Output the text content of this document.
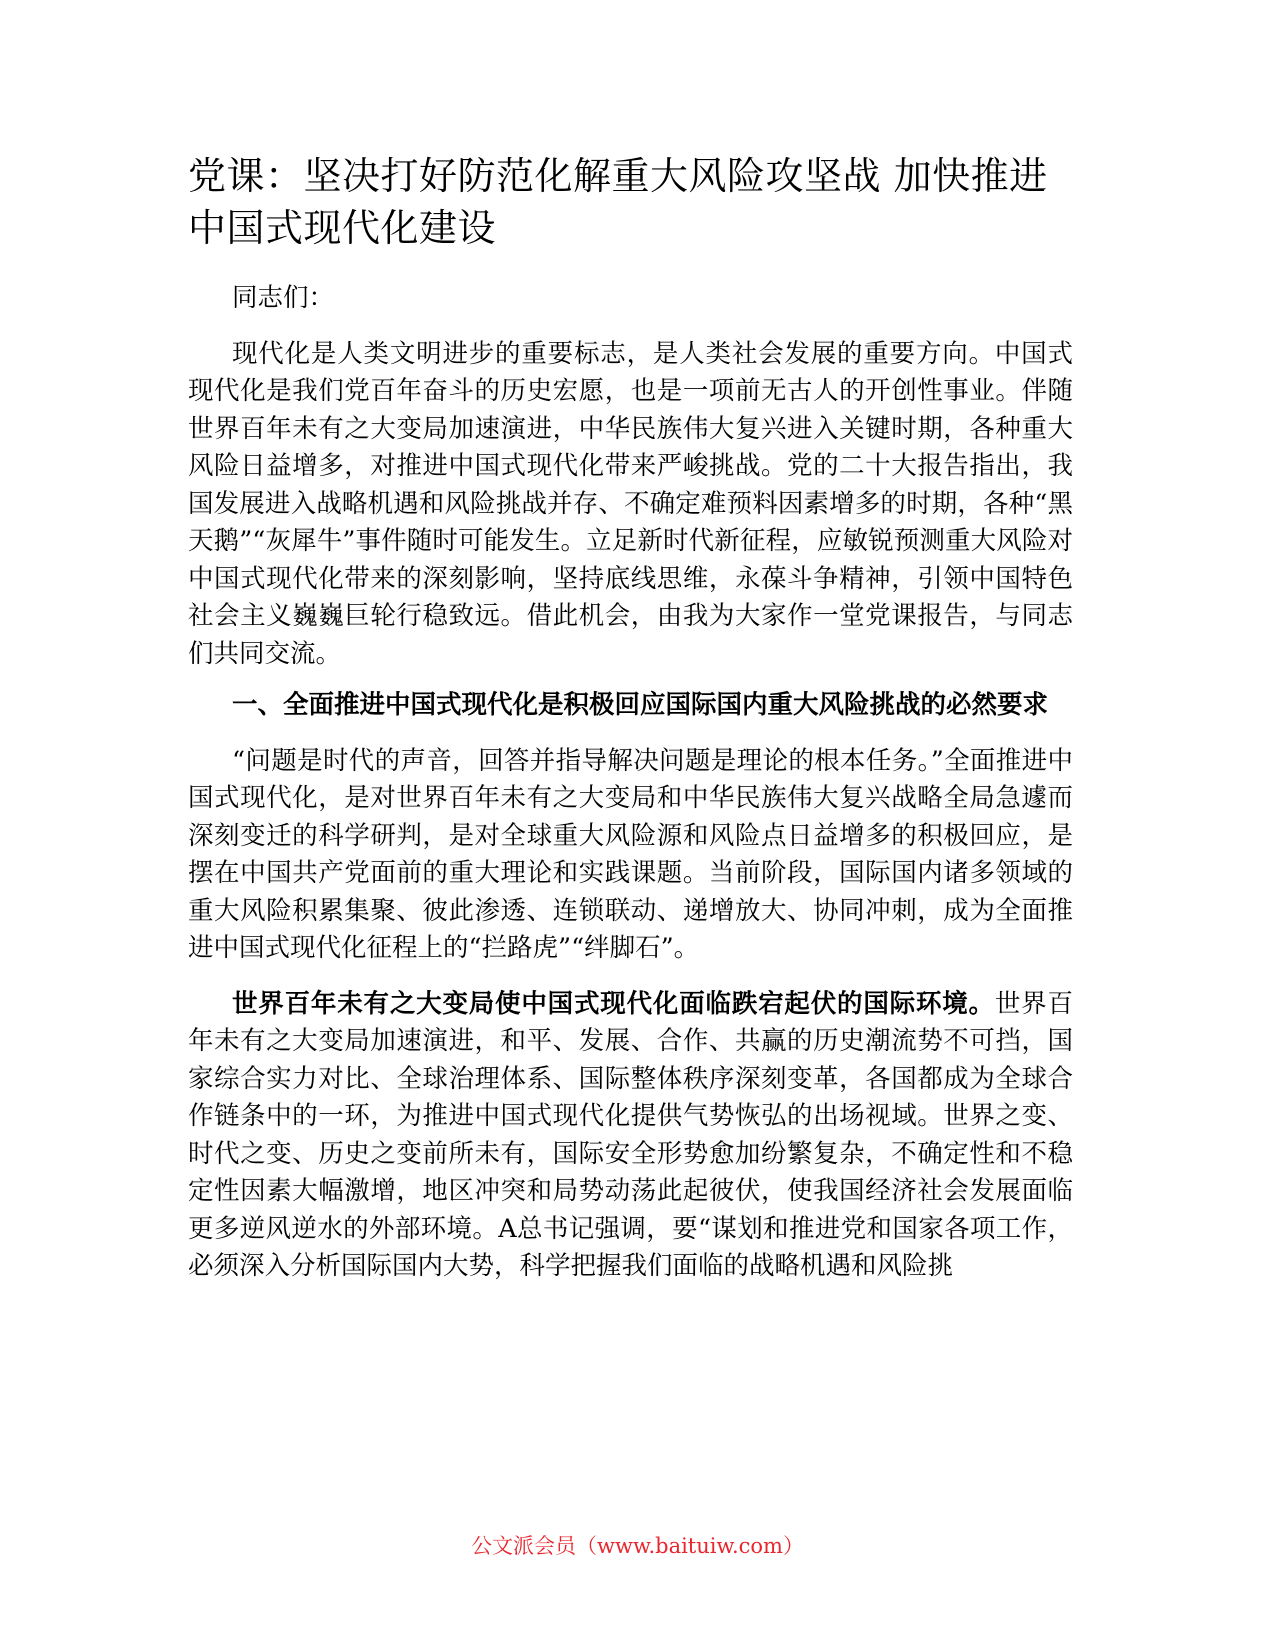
党课：坚决打好防范化解重大风险攻坚战 加快推进中国式现代化建设

同志们：

现代化是人类文明进步的重要标志，是人类社会发展的重要方向。中国式现代化是我们党百年奋斗的历史宏愿，也是一项前无古人的开创性事业。伴随世界百年未有之大变局加速演进，中华民族伟大复兴进入关键时期，各种重大风险日益增多，对推进中国式现代化带来严峻挑战。党的二十大报告指出，我国发展进入战略机遇和风险挑战并存、不确定难预料因素增多的时期，各种“黑天鹅”“灰犀牛”事件随时可能发生。立足新时代新征程，应敏锐预测重大风险对中国式现代化带来的深刻影响，坚持底线思维，永葆斗争精神，引领中国特色社会主义巍巍巨轮行稳致远。借此机会，由我为大家作一堂党课报告，与同志们共同交流。

一、全面推进中国式现代化是积极回应国际国内重大风险挑战的必然要求

“问题是时代的声音，回答并指导解决问题是理论的根本任务。”全面推进中国式现代化，是对世界百年未有之大变局和中华民族伟大复兴战略全局急遽而深刻变迁的科学研判，是对全球重大风险源和风险点日益增多的积极回应，是摆在中国共产党面前的重大理论和实践课题。当前阶段，国际国内诸多领域的重大风险积累集聚、彼此渗透、连锁联动、递增放大、协同冲刺，成为全面推进中国式现代化征程上的“拦路虎”“绊脚石”。

世界百年未有之大变局使中国式现代化面临跌宕起伏的国际环境。世界百年未有之大变局加速演进，和平、发展、合作、共赢的历史潮流势不可挡，国家综合实力对比、全球治理体系、国际整体秩序深刻变革，各国都成为全球合作链条中的一环，为推进中国式现代化提供气势恢弘的出场视域。世界之变、时代之变、历史之变前所未有，国际安全形势愈加纷繁复杂，不确定性和不稳定性因素大幅激增，地区冲突和局势动荡此起彼伏，使我国经济社会发展面临更多逆风逆水的外部环境。A总书记强调，要“谋划和推进党和国家各项工作，必须深入分析国际国内大势，科学把握我们面临的战略机遇和风险挑

公文派会员（www.baituiw.com）
